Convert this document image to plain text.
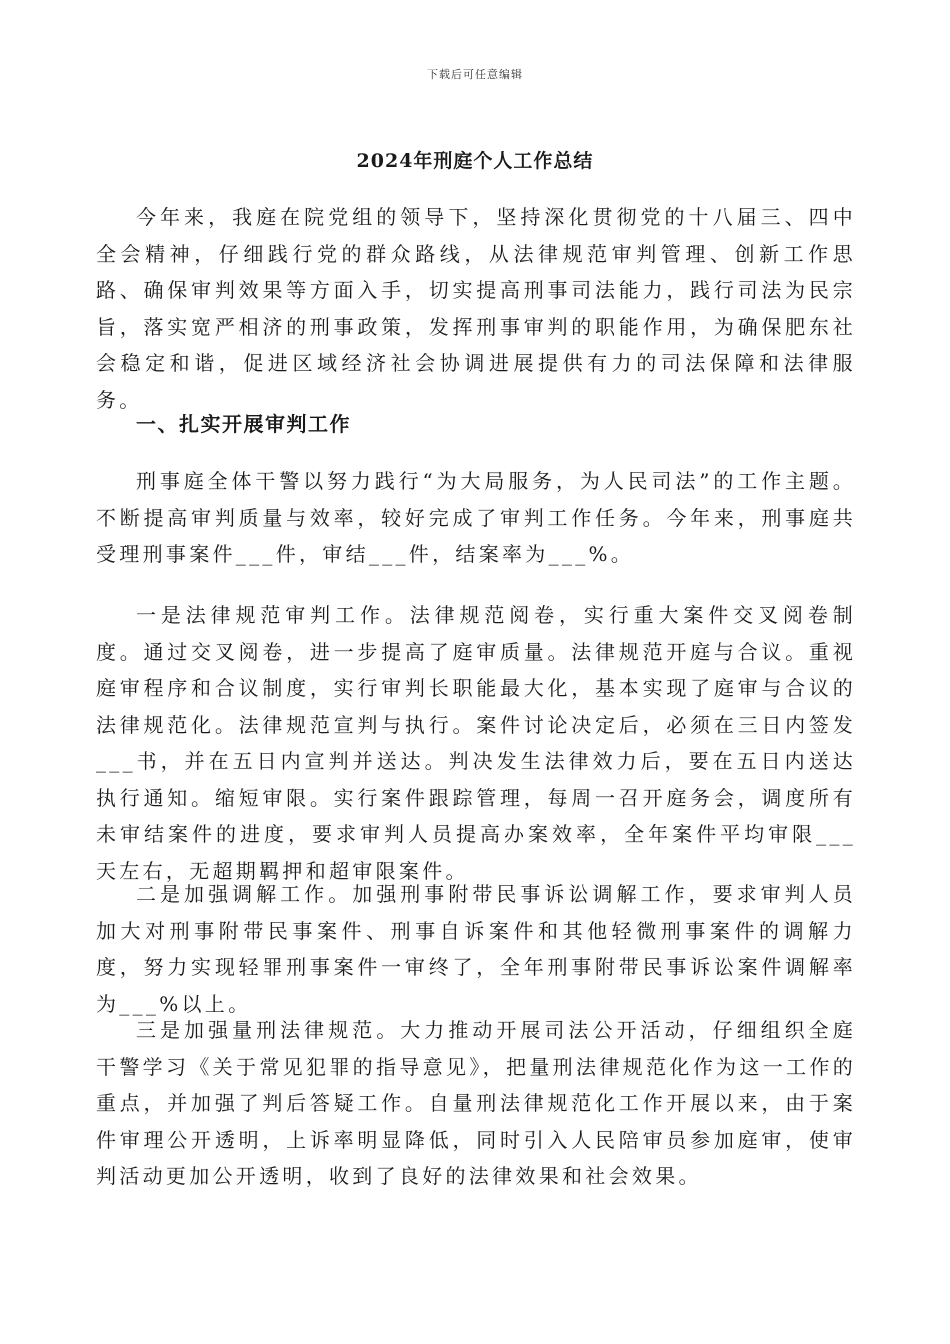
下载后可任意编辑
2024年刑庭个人工作总结

今年来，我庭在院党组的领导下，坚持深化贯彻党的十八届三、四中全会精神，仔细践行党的群众路线，从法律规范审判管理、创新工作思路、确保审判效果等方面入手，切实提高刑事司法能力，践行司法为民宗旨，落实宽严相济的刑事政策，发挥刑事审判的职能作用，为确保肥东社会稳定和谐，促进区域经济社会协调进展提供有力的司法保障和法律服务。

一、扎实开展审判工作

刑事庭全体干警以努力践行“为大局服务，为人民司法”的工作主题。不断提高审判质量与效率，较好完成了审判工作任务。今年来，刑事庭共受理刑事案件___件，审结___件，结案率为___%。

一是法律规范审判工作。法律规范阅卷，实行重大案件交叉阅卷制度。通过交叉阅卷，进一步提高了庭审质量。法律规范开庭与合议。重视庭审程序和合议制度，实行审判长职能最大化，基本实现了庭审与合议的法律规范化。法律规范宣判与执行。案件讨论决定后，必须在三日内签发___书，并在五日内宣判并送达。判决发生法律效力后，要在五日内送达执行通知。缩短审限。实行案件跟踪管理，每周一召开庭务会，调度所有未审结案件的进度，要求审判人员提高办案效率，全年案件平均审限___天左右，无超期羁押和超审限案件。

二是加强调解工作。加强刑事附带民事诉讼调解工作，要求审判人员加大对刑事附带民事案件、刑事自诉案件和其他轻微刑事案件的调解力度，努力实现轻罪刑事案件一审终了，全年刑事附带民事诉讼案件调解率为___%以上。

三是加强量刑法律规范。大力推动开展司法公开活动，仔细组织全庭干警学习《关于常见犯罪的指导意见》，把量刑法律规范化作为这一工作的重点，并加强了判后答疑工作。自量刑法律规范化工作开展以来，由于案件审理公开透明，上诉率明显降低，同时引入人民陪审员参加庭审，使审判活动更加公开透明，收到了良好的法律效果和社会效果。
